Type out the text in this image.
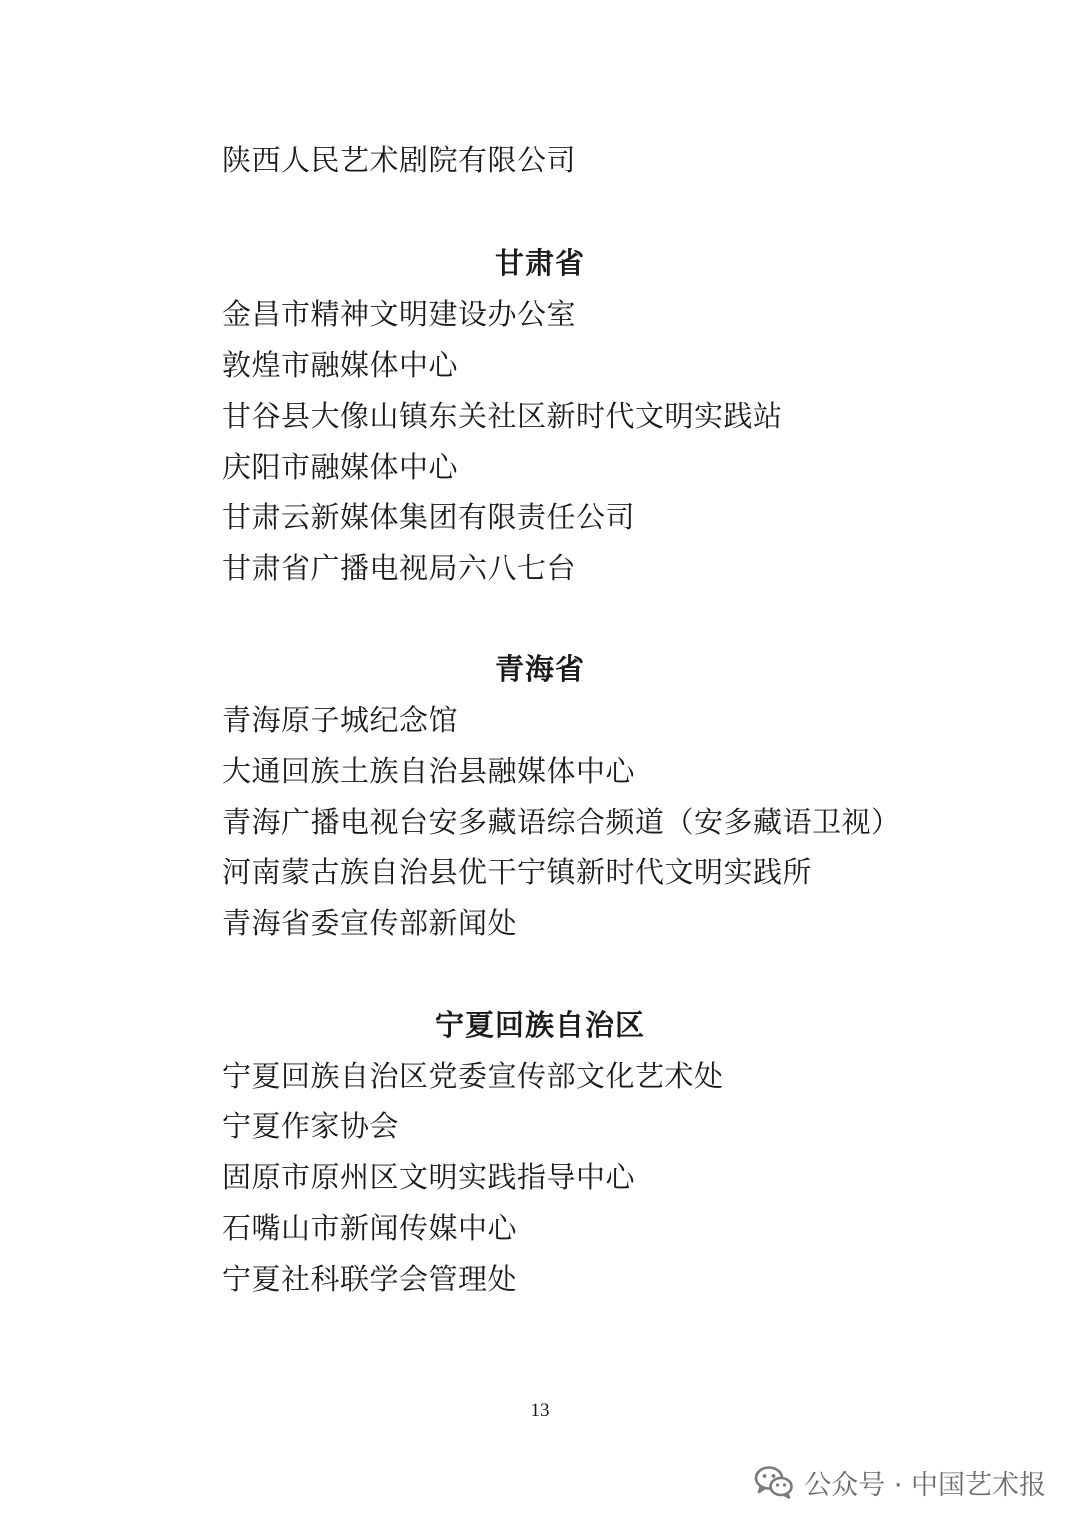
陕西人民艺术剧院有限公司
甘肃省
金昌市精神文明建设办公室
敦煌市融媒体中心
甘谷县大像山镇东关社区新时代文明实践站
庆阳市融媒体中心
甘肃云新媒体集团有限责任公司
甘肃省广播电视局六八七台
青海省
青海原子城纪念馆
大通回族土族自治县融媒体中心
青海广播电视台安多藏语综合频道（安多藏语卫视）
河南蒙古族自治县优干宁镇新时代文明实践所
青海省委宣传部新闻处
宁夏回族自治区
宁夏回族自治区党委宣传部文化艺术处
宁夏作家协会
固原市原州区文明实践指导中心
石嘴山市新闻传媒中心
宁夏社科联学会管理处
13
公众号 · 中国艺术报
